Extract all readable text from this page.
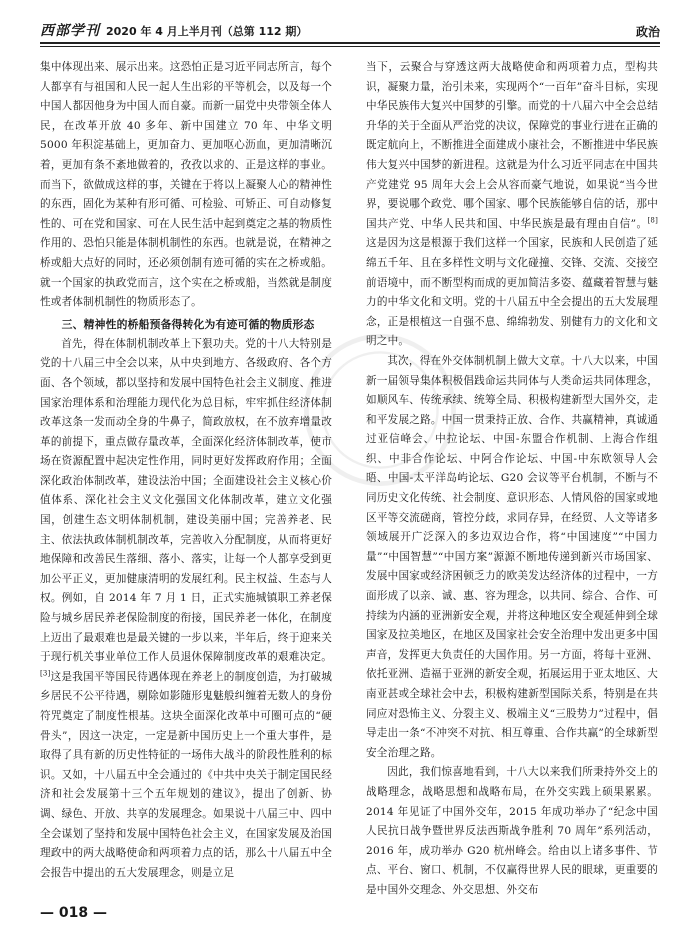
西部学刊 2020 年 4 月上半月刊（总第 112 期）	政治

集中体现出来、展示出来。这恐怕正是习近平同志所言，每个人都享有与祖国和人民一起人生出彩的平等机会，以及每一个中国人都因他身为中国人而自豪。而新一届党中央带领全体人民，在改革开放 40 多年、新中国建立 70 年、中华文明 5000 年积淀基础上，更加奋力、更加呕心沥血，更加清晰沉着，更加有条不紊地做着的，孜孜以求的、正是这样的事业。而当下，欲做成这样的事，关键在于将以上凝聚人心的精神性的东西，固化为某种有形可循、可检验、可矫正、可自动修复性的、可在党和国家、可在人民生活中起到奠定之基的物质性作用的、恐怕只能是体制机制性的东西。也就是说，在精神之桥或船大点好的同时，还必须创制有迹可循的实在之桥或船。就一个国家的执政党而言，这个实在之桥或船，当然就是制度性或者体制机制性的物质形态了。

三、精神性的桥船预备得转化为有迹可循的物质形态

首先，得在体制机制改革上下狠功夫。党的十八大特别是党的十八届三中全会以来，从中央到地方、各级政府、各个方面、各个领域，都以坚持和发展中国特色社会主义制度、推进国家治理体系和治理能力现代化为总目标，牢牢抓住经济体制改革这条一发而动全身的牛鼻子，简政放权，在不放弃增量改革的前提下，重点做存量改革，全面深化经济体制改革，使市场在资源配置中起决定性作用，同时更好发挥政府作用；全面深化政治体制改革，建设法治中国；全面建设社会主义核心价值体系、深化社会主义文化强国文化体制改革，建立文化强国，创建生态文明体制机制，建设美丽中国；完善养老、民主、依法执政体制机制改革，完善收入分配制度，从而将更好地保障和改善民生落细、落小、落实，让每一个人都享受到更加公平正义，更加健康清明的发展红利。民主权益、生态与人权。例如，自 2014 年 7 月 1 日，正式实施城镇职工养老保险与城乡居民养老保险制度的衔接，国民养老一体化，在制度上迈出了最艰难也是最关键的一步以来，半年后，终于迎来关于现行机关事业单位工作人员退休保障制度改革的艰难决定。[3]这是我国平等国民待遇体现在养老上的制度创造，为打破城乡居民不公平待遇，剔除如影随形鬼魅般纠缠着无数人的身份符咒奠定了制度性根基。这块全面深化改革中可圈可点的“硬骨头”，因这一决定，一定是新中国历史上一个重大事件，是取得了具有新的历史性特征的一场伟大战斗的阶段性胜利的标识。又如，十八届五中全会通过的《中共中央关于制定国民经济和社会发展第十三个五年规划的建议》，提出了创新、协调、绿色、开放、共享的发展理念。如果说十八届三中、四中全会谋划了坚持和发展中国特色社会主义，在国家发展及治国理政中的两大战略使命和两项着力点的话，那么十八届五中全会报告中提出的五大发展理念，则是立足

当下，云聚合与穿透这两大战略使命和两项着力点，型构共识，凝聚力量，治引未来，实现两个“一百年”奋斗目标，实现中华民族伟大复兴中国梦的引擎。而党的十八届六中全会总结升华的关于全面从严治党的决议，保障党的事业行进在正确的既定航向上，不断推进全面建成小康社会，不断推进中华民族伟大复兴中国梦的新进程。这就是为什么习近平同志在中国共产党建党 95 周年大会上会从容而豪气地说，如果说“当今世界，要说哪个政党、哪个国家、哪个民族能够自信的话，那中国共产党、中华人民共和国、中华民族是最有理由自信”。[8]这是因为这是根源于我们这样一个国家，民族和人民创造了延绵五千年、且在多样性文明与文化碰撞、交锋、交流、交接空前语境中，而不断型构而成的更加简洁多姿、蕴藏着智慧与魅力的中华文化和文明。党的十八届五中全会提出的五大发展理念，正是根植这一自强不息、绵绵勃发、别健有力的文化和文明之中。

其次，得在外交体制机制上做大文章。十八大以来，中国新一届领导集体积极倡践命运共同体与人类命运共同体理念，如顺风车、传统承续、统筹全局、积极构建新型大国外交，走和平发展之路。中国一贯秉持正放、合作、共赢精神，真诚通过亚信峰会、中拉论坛、中国-东盟合作机制、上海合作组织、中非合作论坛、中阿合作论坛、中国-中东欧领导人会晤、中国-太平洋岛屿论坛、G20 会议等平台机制，不断与不同历史文化传统、社会制度、意识形态、人情风俗的国家或地区平等交流磋商，管控分歧，求同存异，在经贸、人文等诸多领域展开广泛深入的多边双边合作，将“中国速度”“中国力量”“中国智慧”“中国方案”源源不断地传递到新兴市场国家、发展中国家或经济困顿乏力的欧美发达经济体的过程中，一方面形成了以亲、诚、惠、容为理念，以共同、综合、合作、可持续为内涵的亚洲新安全观，并将这种地区安全观延伸到全球国家及拉美地区，在地区及国家社会安全治理中发出更多中国声音，发挥更大负责任的大国作用。另一方面，将每十亚洲、依托亚洲、造福于亚洲的新安全观，拓展运用于亚太地区、大南亚甚或全球社会中去，积极构建新型国际关系，特别是在共同应对恐怖主义、分裂主义、极端主义“三股势力”过程中，倡导走出一条“不冲突不对抗、相互尊重、合作共赢”的全球新型安全治理之路。

因此，我们惊喜地看到，十八大以来我们所秉持外交上的战略理念，战略思想和战略布局，在外交实践上硕果累累。2014 年见证了中国外交年，2015 年成功举办了“纪念中国人民抗日战争暨世界反法西斯战争胜利 70 周年”系列活动，2016 年，成功举办 G20 杭州峰会。给由以上诸多事件、节点、平台、窗口、机制，不仅赢得世界人民的眼球，更重要的是中国外交理念、外交思想、外交布

— 018 —
